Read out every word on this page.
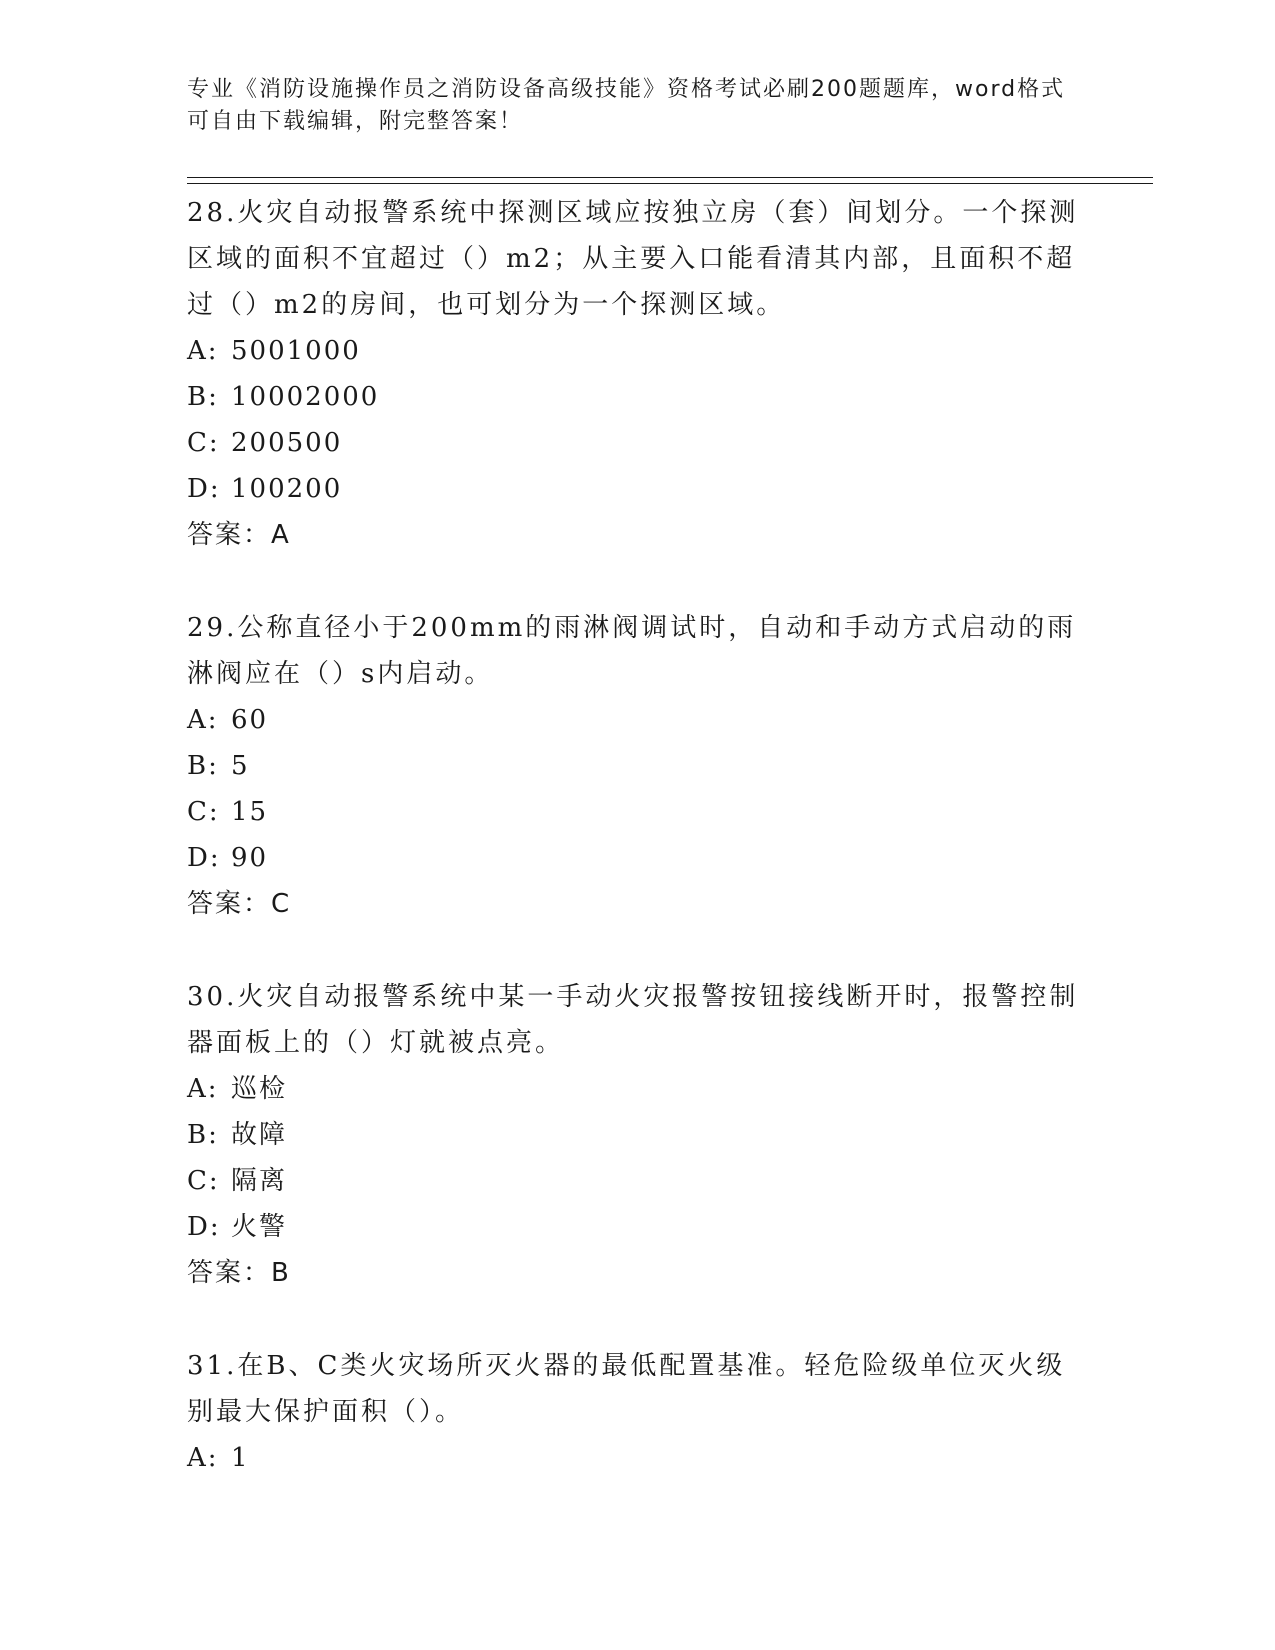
专业《消防设施操作员之消防设备高级技能》资格考试必刷200题题库，word格式可自由下载编辑，附完整答案！

28.火灾自动报警系统中探测区域应按独立房（套）间划分。一个探测区域的面积不宜超过（）m2；从主要入口能看清其内部，且面积不超过（）m2的房间，也可划分为一个探测区域。

A: 5001000
B: 10002000
C: 200500
D: 100200
答案：A

29.公称直径小于200mm的雨淋阀调试时，自动和手动方式启动的雨淋阀应在（）s内启动。

A: 60
B: 5
C: 15
D: 90
答案：C

30.火灾自动报警系统中某一手动火灾报警按钮接线断开时，报警控制器面板上的（）灯就被点亮。

A: 巡检
B: 故障
C: 隔离
D: 火警
答案：B

31.在B、C类火灾场所灭火器的最低配置基准。轻危险级单位灭火级别最大保护面积（）。

A: 1
